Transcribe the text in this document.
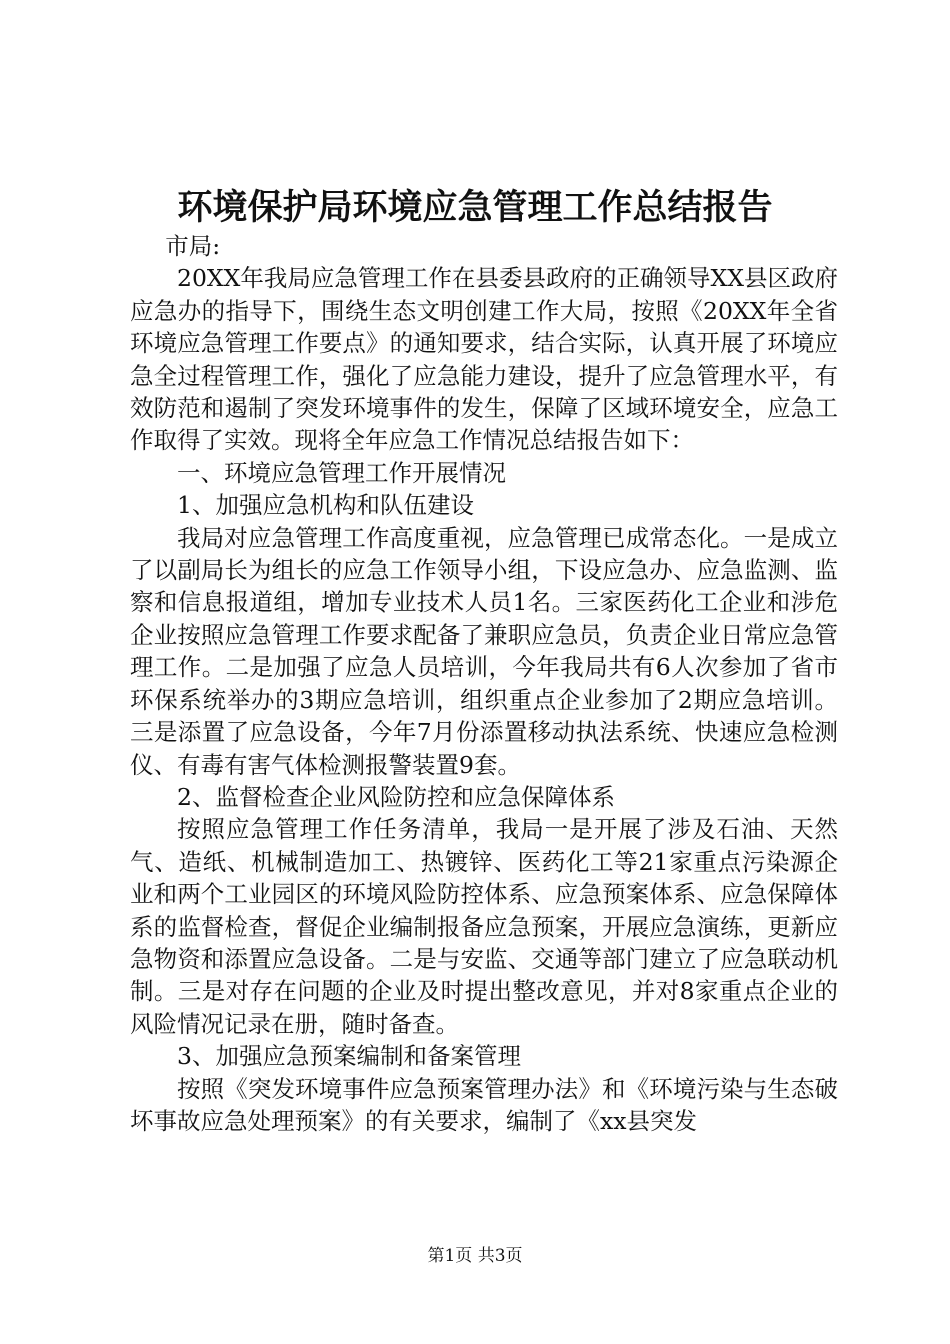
环境保护局环境应急管理工作总结报告

市局:

20XX年我局应急管理工作在县委县政府的正确领导XX县区政府应急办的指导下，围绕生态文明创建工作大局，按照《20XX年全省环境应急管理工作要点》的通知要求，结合实际，认真开展了环境应急全过程管理工作，强化了应急能力建设，提升了应急管理水平，有效防范和遏制了突发环境事件的发生，保障了区域环境安全，应急工作取得了实效。现将全年应急工作情况总结报告如下：

一、环境应急管理工作开展情况

1、加强应急机构和队伍建设

我局对应急管理工作高度重视，应急管理已成常态化。一是成立了以副局长为组长的应急工作领导小组，下设应急办、应急监测、监察和信息报道组，增加专业技术人员1名。三家医药化工企业和涉危企业按照应急管理工作要求配备了兼职应急员，负责企业日常应急管理工作。二是加强了应急人员培训，今年我局共有6人次参加了省市环保系统举办的3期应急培训，组织重点企业参加了2期应急培训。三是添置了应急设备，今年7月份添置移动执法系统、快速应急检测仪、有毒有害气体检测报警装置9套。

2、监督检查企业风险防控和应急保障体系

按照应急管理工作任务清单，我局一是开展了涉及石油、天然气、造纸、机械制造加工、热镀锌、医药化工等21家重点污染源企业和两个工业园区的环境风险防控体系、应急预案体系、应急保障体系的监督检查，督促企业编制报备应急预案，开展应急演练，更新应急物资和添置应急设备。二是与安监、交通等部门建立了应急联动机制。三是对存在问题的企业及时提出整改意见，并对8家重点企业的风险情况记录在册，随时备查。

3、加强应急预案编制和备案管理

按照《突发环境事件应急预案管理办法》和《环境污染与生态破坏事故应急处理预案》的有关要求，编制了《xx县突发

第1页 共3页
